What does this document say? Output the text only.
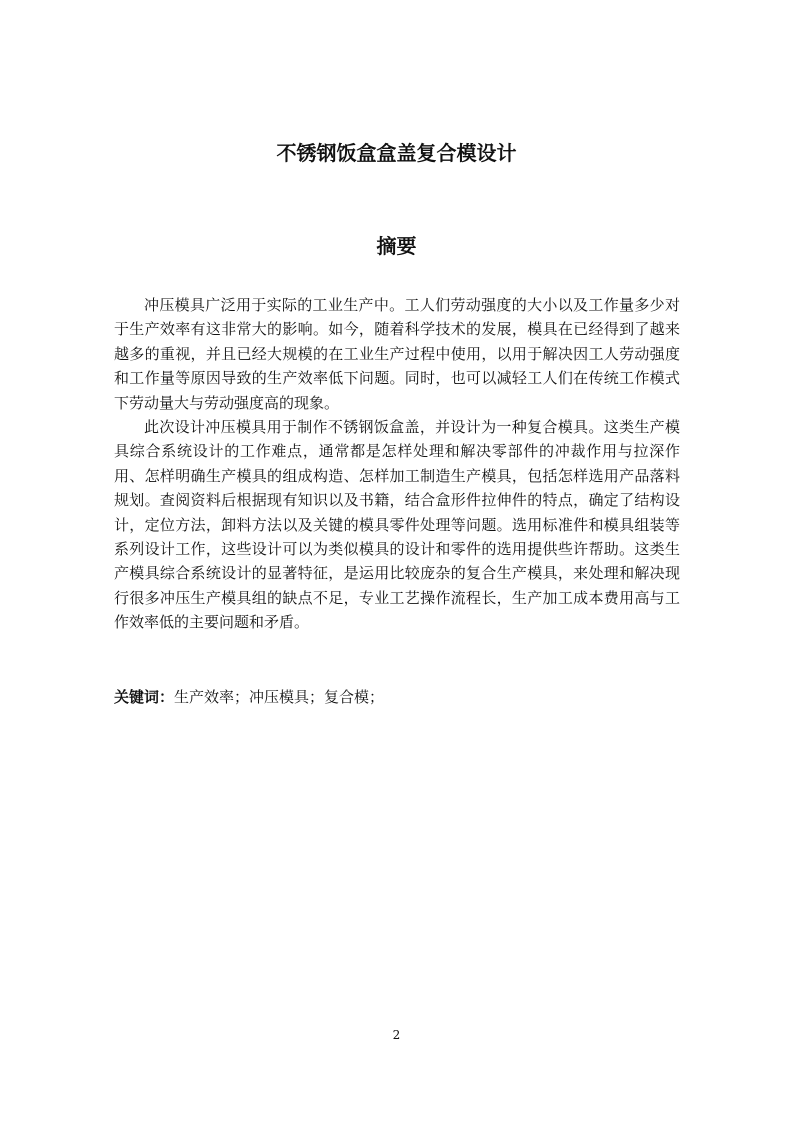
不锈钢饭盒盒盖复合模设计
摘要

冲压模具广泛用于实际的工业生产中。工人们劳动强度的大小以及工作量多少对于生产效率有这非常大的影响。如今，随着科学技术的发展，模具在已经得到了越来越多的重视，并且已经大规模的在工业生产过程中使用，以用于解决因工人劳动强度和工作量等原因导致的生产效率低下问题。同时，也可以减轻工人们在传统工作模式下劳动量大与劳动强度高的现象。

此次设计冲压模具用于制作不锈钢饭盒盖，并设计为一种复合模具。这类生产模具综合系统设计的工作难点，通常都是怎样处理和解决零部件的冲裁作用与拉深作用、怎样明确生产模具的组成构造、怎样加工制造生产模具，包括怎样选用产品落料规划。查阅资料后根据现有知识以及书籍，结合盒形件拉伸件的特点，确定了结构设计，定位方法，卸料方法以及关键的模具零件处理等问题。选用标准件和模具组装等系列设计工作，这些设计可以为类似模具的设计和零件的选用提供些许帮助。这类生产模具综合系统设计的显著特征，是运用比较庞杂的复合生产模具，来处理和解决现行很多冲压生产模具组的缺点不足，专业工艺操作流程长，生产加工成本费用高与工作效率低的主要问题和矛盾。

关键词：生产效率；冲压模具；复合模；
2
